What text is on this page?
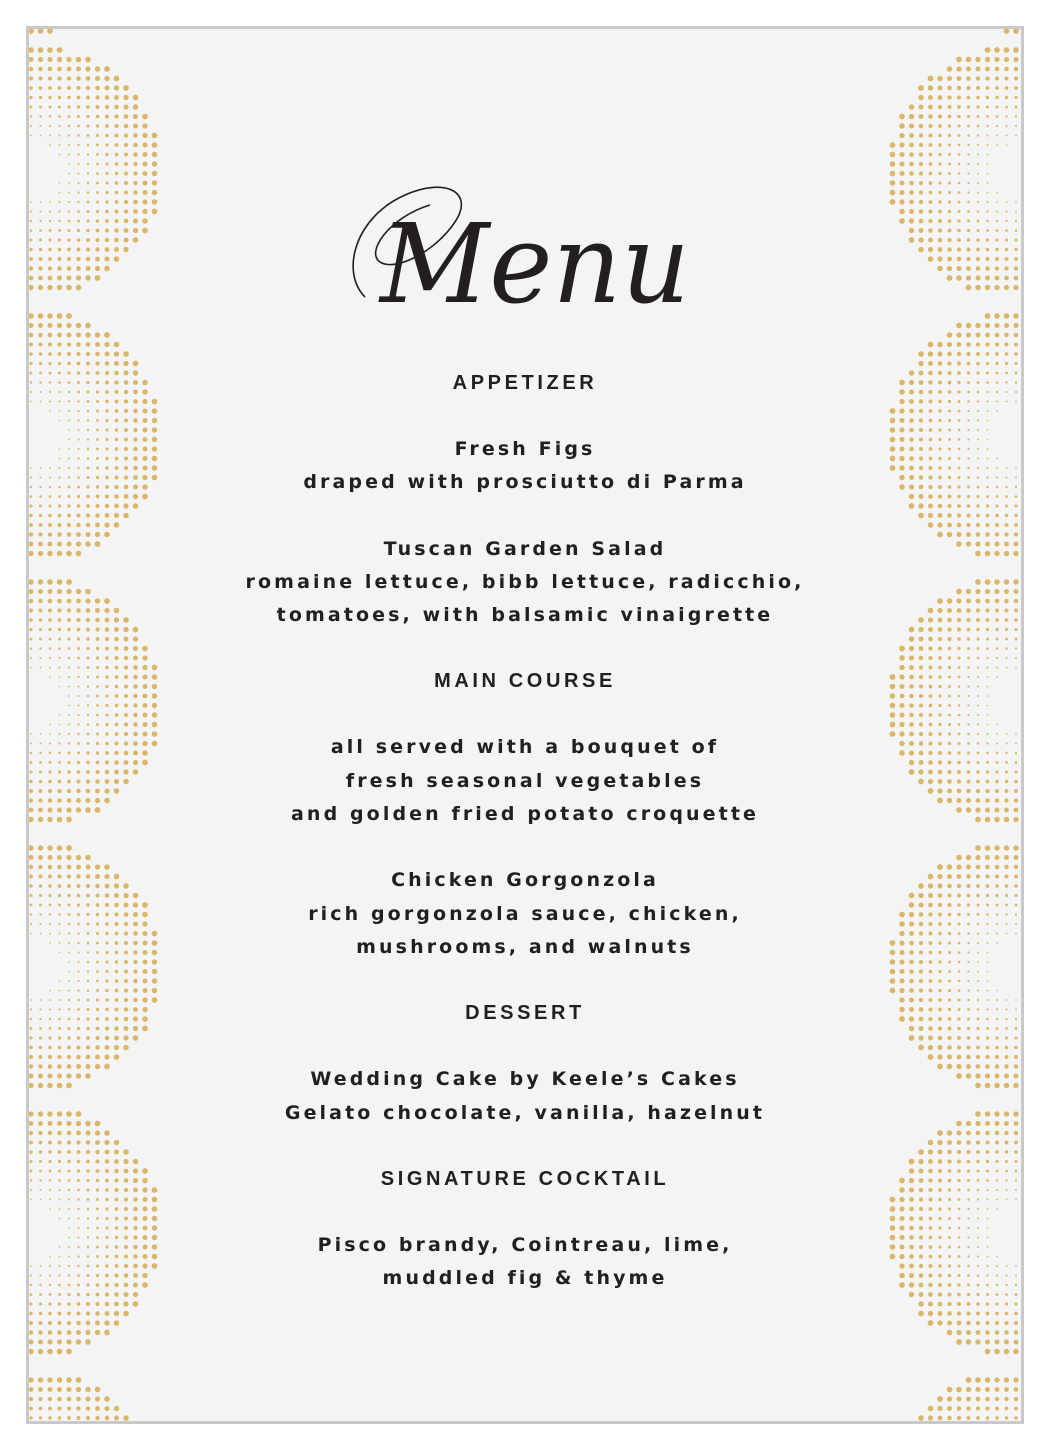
Menu
APPETIZER
Fresh Figs
draped with prosciutto di Parma
Tuscan Garden Salad
romaine lettuce, bibb lettuce, radicchio,
tomatoes, with balsamic vinaigrette
MAIN COURSE
all served with a bouquet of
fresh seasonal vegetables
and golden fried potato croquette
Chicken Gorgonzola
rich gorgonzola sauce, chicken,
mushrooms, and walnuts
DESSERT
Wedding Cake by Keele’s Cakes
Gelato chocolate, vanilla, hazelnut
SIGNATURE COCKTAIL
Pisco brandy, Cointreau, lime,
muddled fig & thyme
